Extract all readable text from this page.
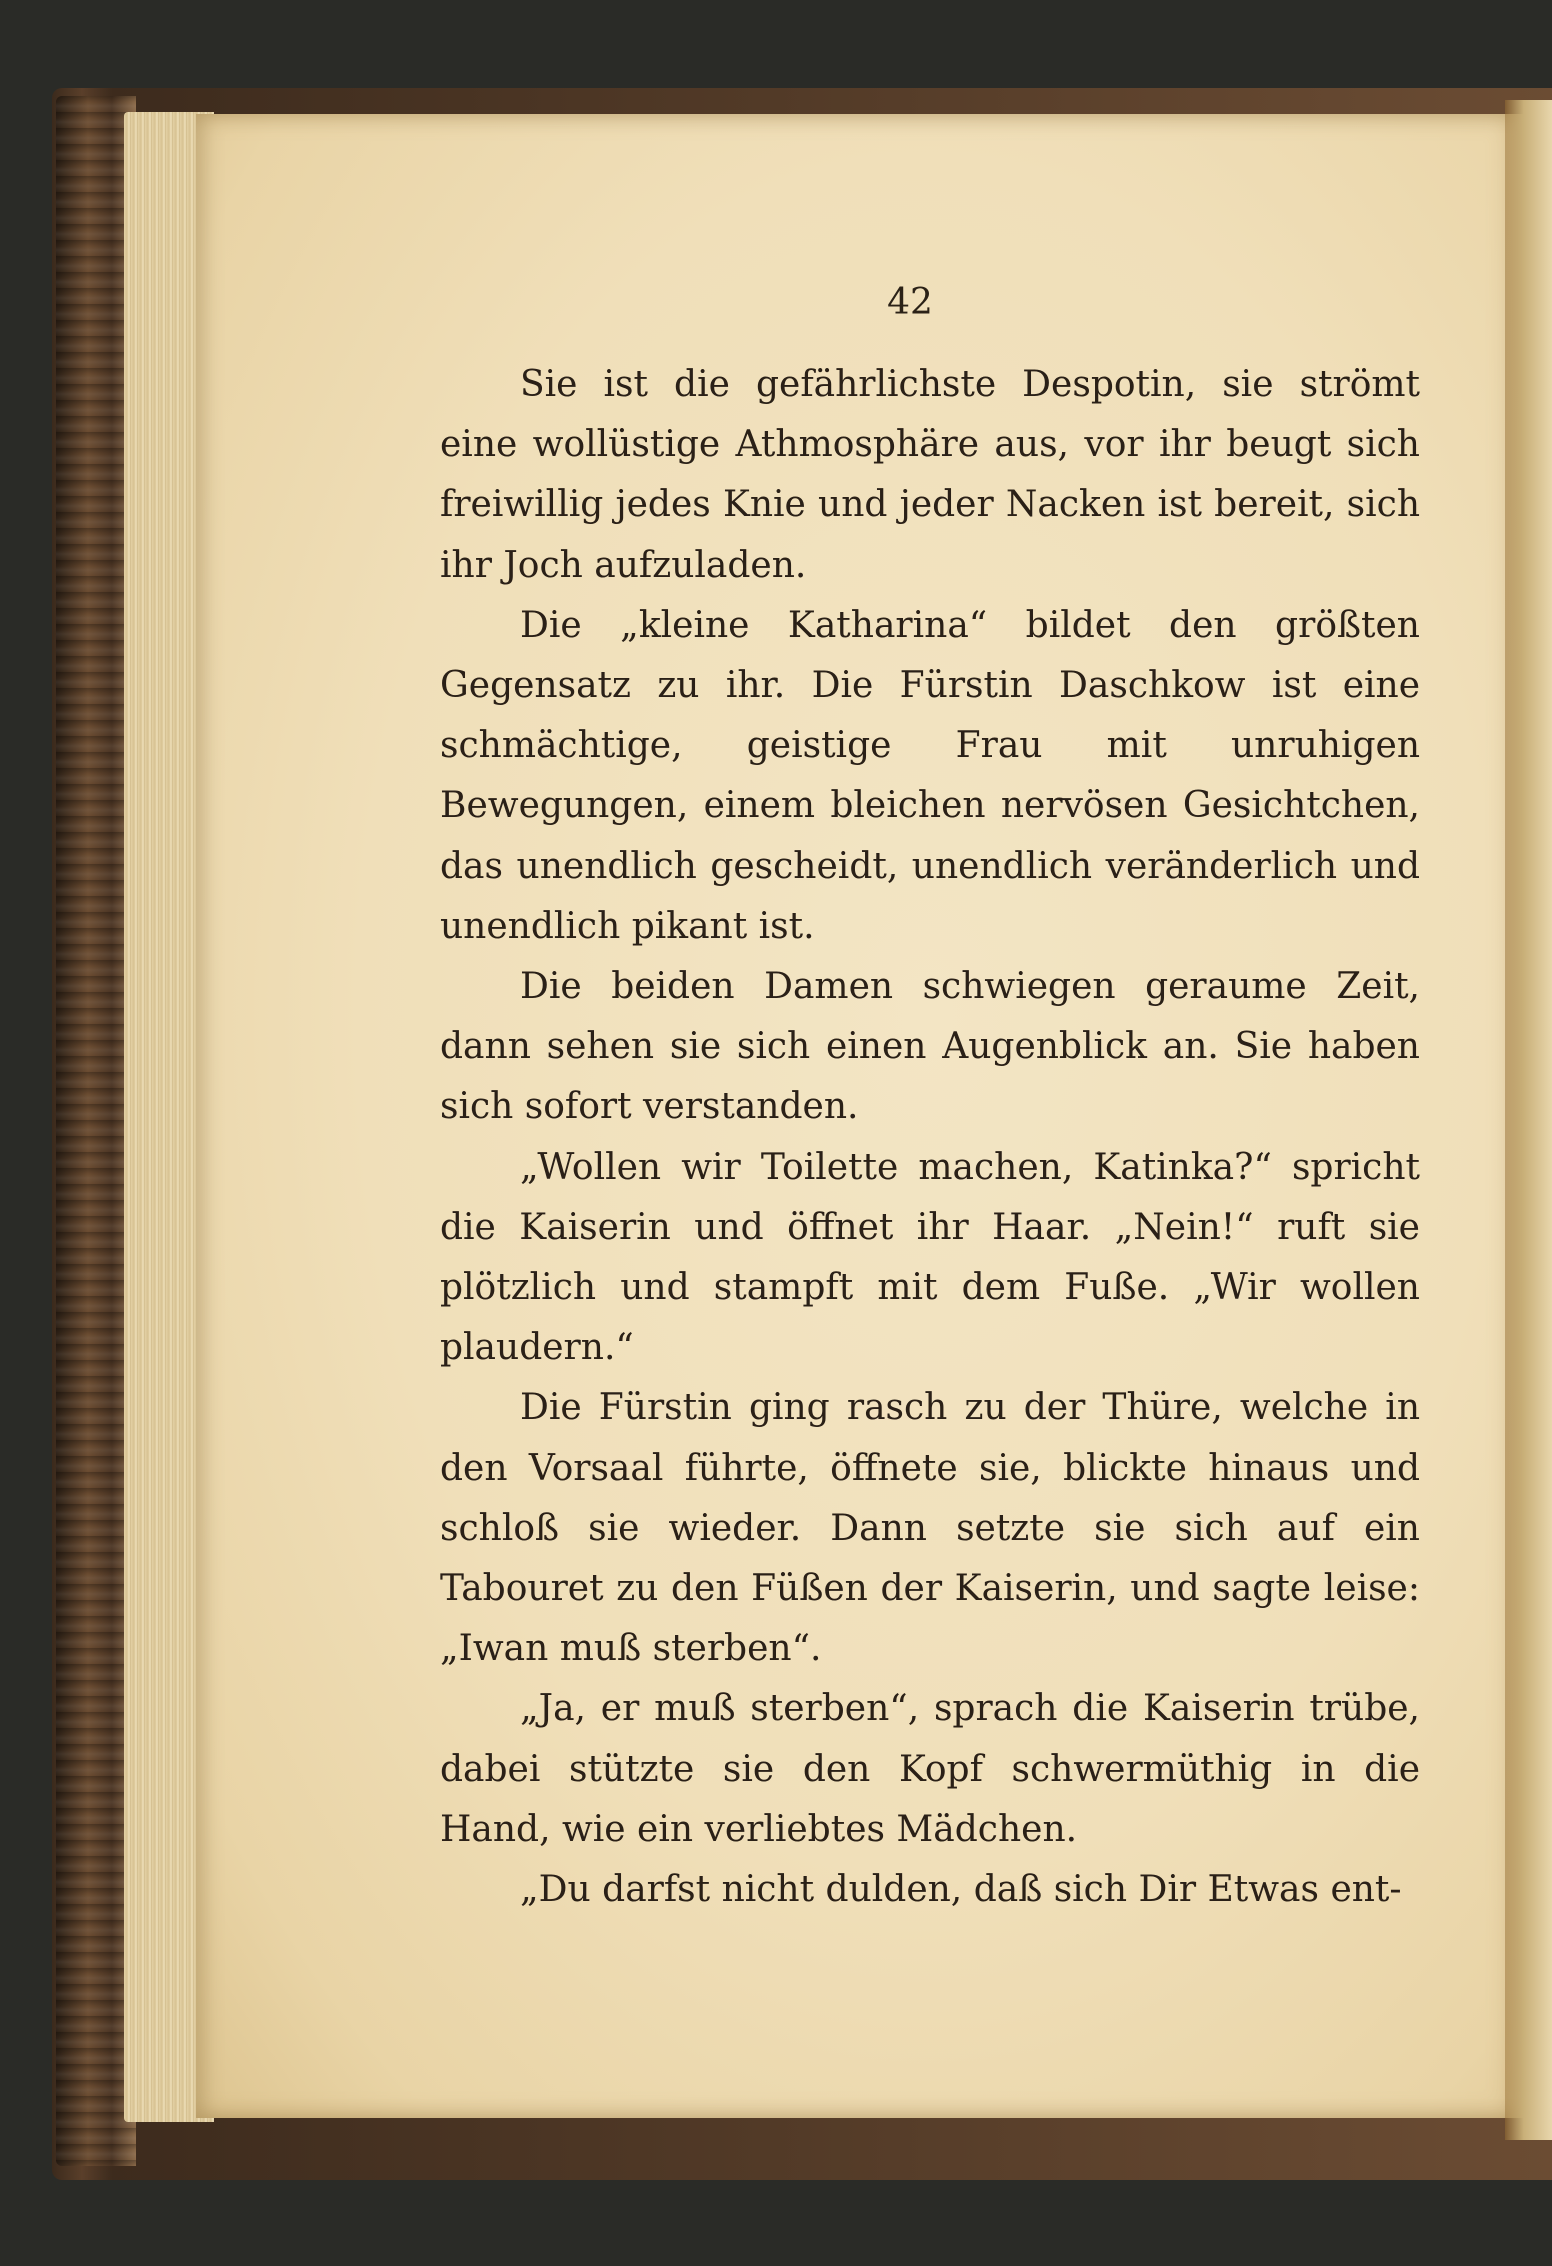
42

Sie ist die gefährlichste Despotin, sie strömt eine wollüstige Athmosphäre aus, vor ihr beugt sich freiwillig jedes Knie und jeder Nacken ist bereit, sich ihr Joch aufzuladen.

Die „kleine Katharina“ bildet den größten Gegensatz zu ihr. Die Fürstin Daschkow ist eine schmächtige, geistige Frau mit unruhigen Bewegungen, einem bleichen nervösen Gesichtchen, das unendlich gescheidt, unendlich veränderlich und unendlich pikant ist.

Die beiden Damen schwiegen geraume Zeit, dann sehen sie sich einen Augenblick an. Sie haben sich sofort verstanden.

„Wollen wir Toilette machen, Katinka?“ spricht die Kaiserin und öffnet ihr Haar. „Nein!“ ruft sie plötzlich und stampft mit dem Fuße. „Wir wollen plaudern.“

Die Fürstin ging rasch zu der Thüre, welche in den Vorsaal führte, öffnete sie, blickte hinaus und schloß sie wieder. Dann setzte sie sich auf ein Tabouret zu den Füßen der Kaiserin, und sagte leise: „Iwan muß sterben“.

„Ja, er muß sterben“, sprach die Kaiserin trübe, dabei stützte sie den Kopf schwermüthig in die Hand, wie ein verliebtes Mädchen.

„Du darfst nicht dulden, daß sich Dir Etwas ent-
